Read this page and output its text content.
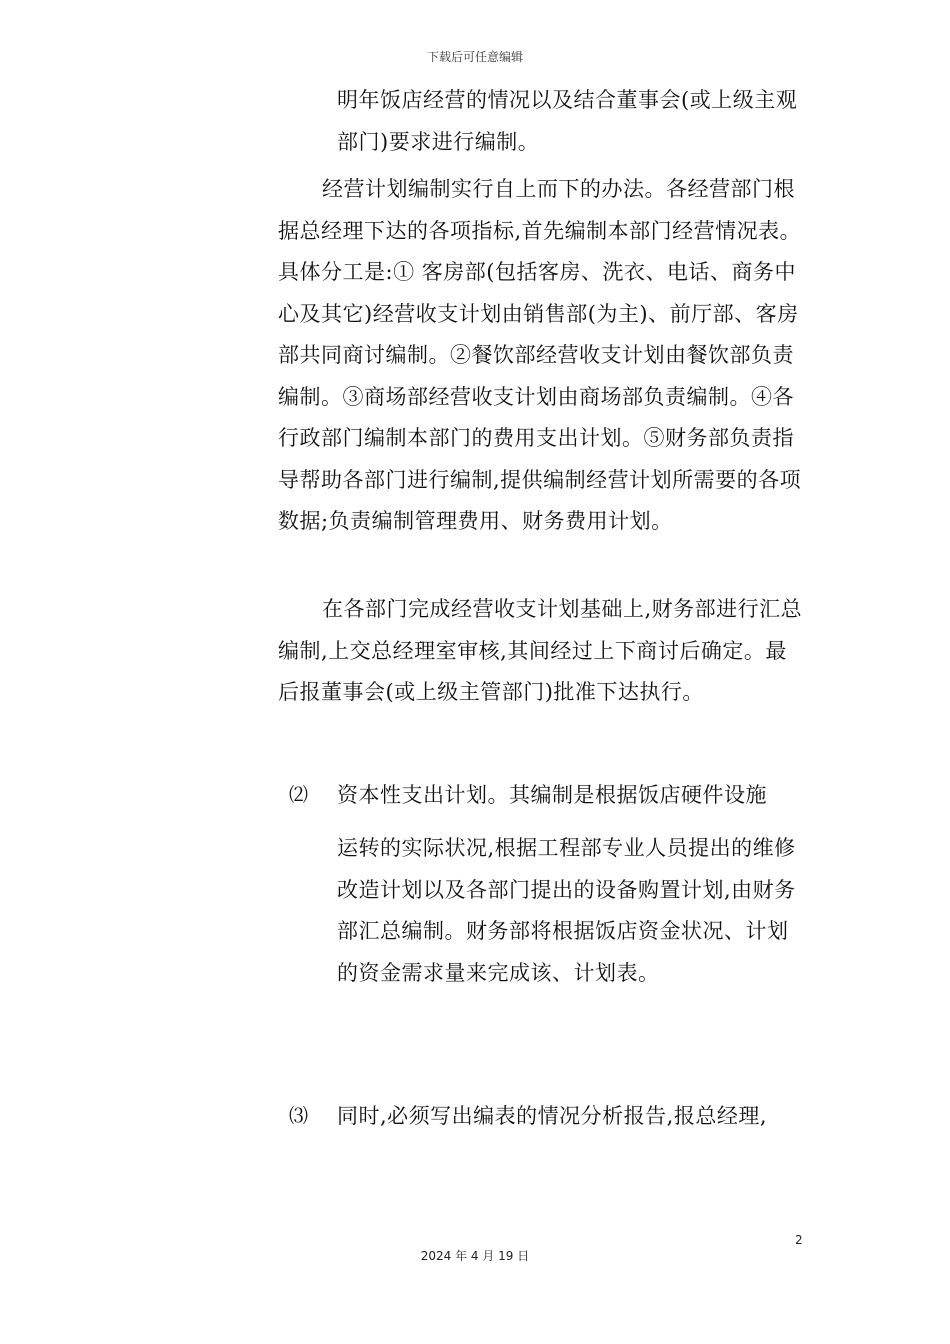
下载后可任意编辑

明年饭店经营的情况以及结合董事会(或上级主观部门)要求进行编制。

经营计划编制实行自上而下的办法。各经营部门根据总经理下达的各项指标,首先编制本部门经营情况表。具体分工是:① 客房部(包括客房、洗衣、电话、商务中心及其它)经营收支计划由销售部(为主)、前厅部、客房部共同商讨编制。②餐饮部经营收支计划由餐饮部负责编制。③商场部经营收支计划由商场部负责编制。④各行政部门编制本部门的费用支出计划。⑤财务部负责指导帮助各部门进行编制,提供编制经营计划所需要的各项数据;负责编制管理费用、财务费用计划。

在各部门完成经营收支计划基础上,财务部进行汇总编制,上交总经理室审核,其间经过上下商讨后确定。最后报董事会(或上级主管部门)批准下达执行。

⑵ 资本性支出计划。其编制是根据饭店硬件设施

运转的实际状况,根据工程部专业人员提出的维修改造计划以及各部门提出的设备购置计划,由财务部汇总编制。财务部将根据饭店资金状况、计划的资金需求量来完成该、计划表。

⑶ 同时,必须写出编表的情况分析报告,报总经理,

2
2024 年 4 月 19 日
